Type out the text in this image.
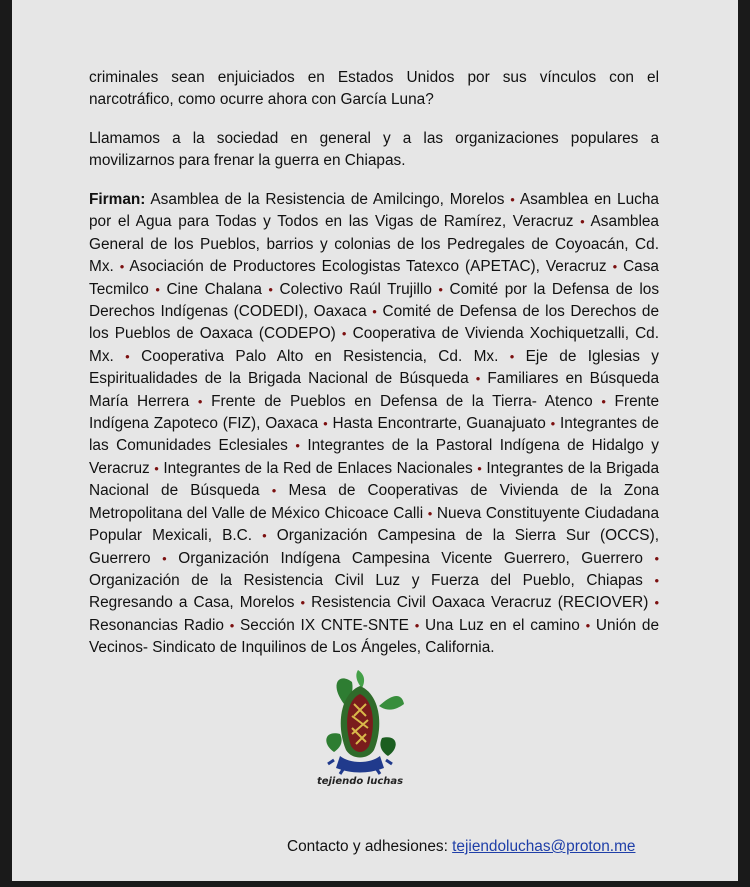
criminales sean enjuiciados en Estados Unidos por sus vínculos con el narcotráfico, como ocurre ahora con García Luna?

Llamamos a la sociedad en general y a las organizaciones populares a movilizarnos para frenar la guerra en Chiapas.

Firman: Asamblea de la Resistencia de Amilcingo, Morelos • Asamblea en Lucha por el Agua para Todas y Todos en las Vigas de Ramírez, Veracruz • Asamblea General de los Pueblos, barrios y colonias de los Pedregales de Coyoacán, Cd. Mx. • Asociación de Productores Ecologistas Tatexco (APETAC), Veracruz • Casa Tecmilco • Cine Chalana • Colectivo Raúl Trujillo • Comité por la Defensa de los Derechos Indígenas (CODEDI), Oaxaca • Comité de Defensa de los Derechos de los Pueblos de Oaxaca (CODEPO) • Cooperativa de Vivienda Xochiquetzalli, Cd. Mx. • Cooperativa Palo Alto en Resistencia, Cd. Mx. • Eje de Iglesias y Espiritualidades de la Brigada Nacional de Búsqueda • Familiares en Búsqueda María Herrera • Frente de Pueblos en Defensa de la Tierra- Atenco • Frente Indígena Zapoteco (FIZ), Oaxaca • Hasta Encontrarte, Guanajuato • Integrantes de las Comunidades Eclesiales • Integrantes de la Pastoral Indígena de Hidalgo y Veracruz • Integrantes de la Red de Enlaces Nacionales • Integrantes de la Brigada Nacional de Búsqueda • Mesa de Cooperativas de Vivienda de la Zona Metropolitana del Valle de México Chicoace Calli • Nueva Constituyente Ciudadana Popular Mexicali, B.C. • Organización Campesina de la Sierra Sur (OCCS), Guerrero • Organización Indígena Campesina Vicente Guerrero, Guerrero • Organización de la Resistencia Civil Luz y Fuerza del Pueblo, Chiapas • Regresando a Casa, Morelos • Resistencia Civil Oaxaca Veracruz (RECIOVER) • Resonancias Radio • Sección IX CNTE-SNTE • Una Luz en el camino • Unión de Vecinos- Sindicato de Inquilinos de Los Ángeles, California.

tejiendo luchas
Contacto y adhesiones: tejiendoluchas@proton.me
